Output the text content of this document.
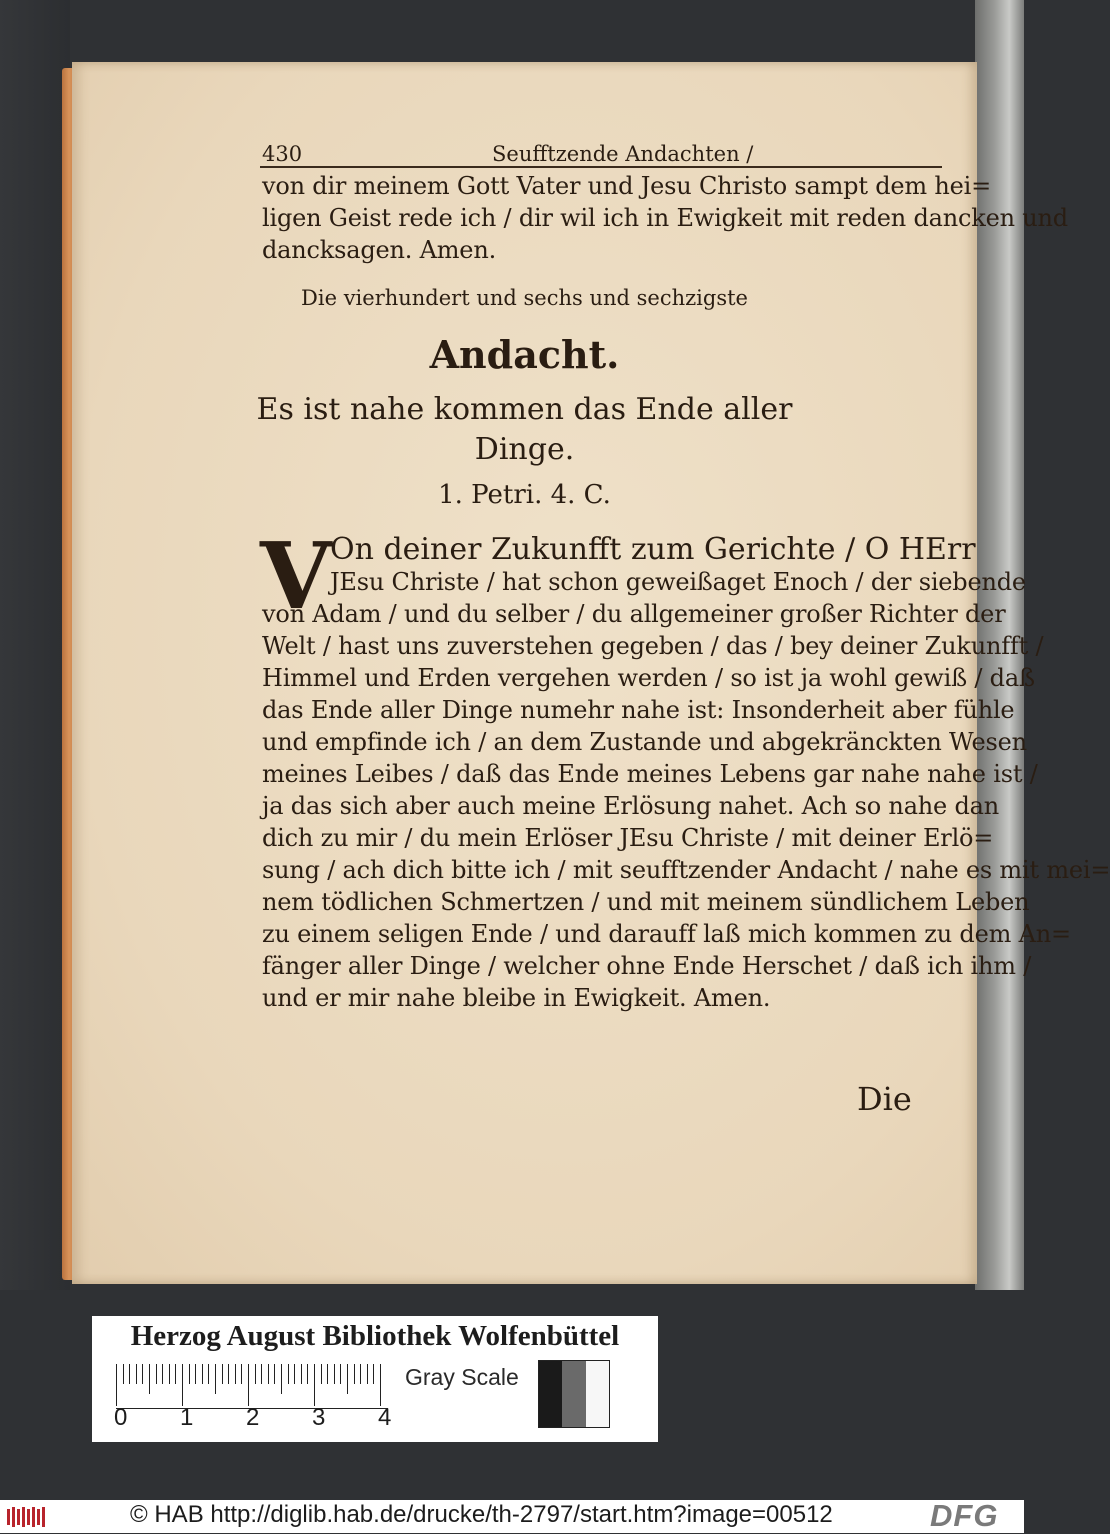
430	Seufftzende Andachten /
von dir meinem Gott Vater und Jesu Christo sampt dem hei=
ligen Geist rede ich / dir wil ich in Ewigkeit mit reden dancken und
dancksagen. Amen.
Die vierhundert und sechs und sechzigste
Andacht.
Es ist nahe kommen das Ende aller
Dinge.
1. Petri. 4. C.
V
On deiner Zukunfft zum Gerichte / O HErr
JEsu Christe / hat schon geweißaget Enoch / der siebende
von Adam / und du selber / du allgemeiner großer Richter der
Welt / hast uns zuverstehen gegeben / das / bey deiner Zukunfft /
Himmel und Erden vergehen werden / so ist ja wohl gewiß / daß
das Ende aller Dinge numehr nahe ist: Insonderheit aber fühle
und empfinde ich / an dem Zustande und abgekränckten Wesen
meines Leibes / daß das Ende meines Lebens gar nahe nahe ist /
ja das sich aber auch meine Erlösung nahet. Ach so nahe dan
dich zu mir / du mein Erlöser JEsu Christe / mit deiner Erlö=
sung / ach dich bitte ich / mit seufftzender Andacht / nahe es mit mei=
nem tödlichen Schmertzen / und mit meinem sündlichem Leben
zu einem seligen Ende / und darauff laß mich kommen zu dem An=
fänger aller Dinge / welcher ohne Ende Herschet / daß ich ihm /
und er mir nahe bleibe in Ewigkeit. Amen.
Die
Herzog August Bibliothek Wolfenbüttel
0 1 2 3 4
Gray Scale
© HAB http://diglib.hab.de/drucke/th-2797/start.htm?image=00512	DFG
